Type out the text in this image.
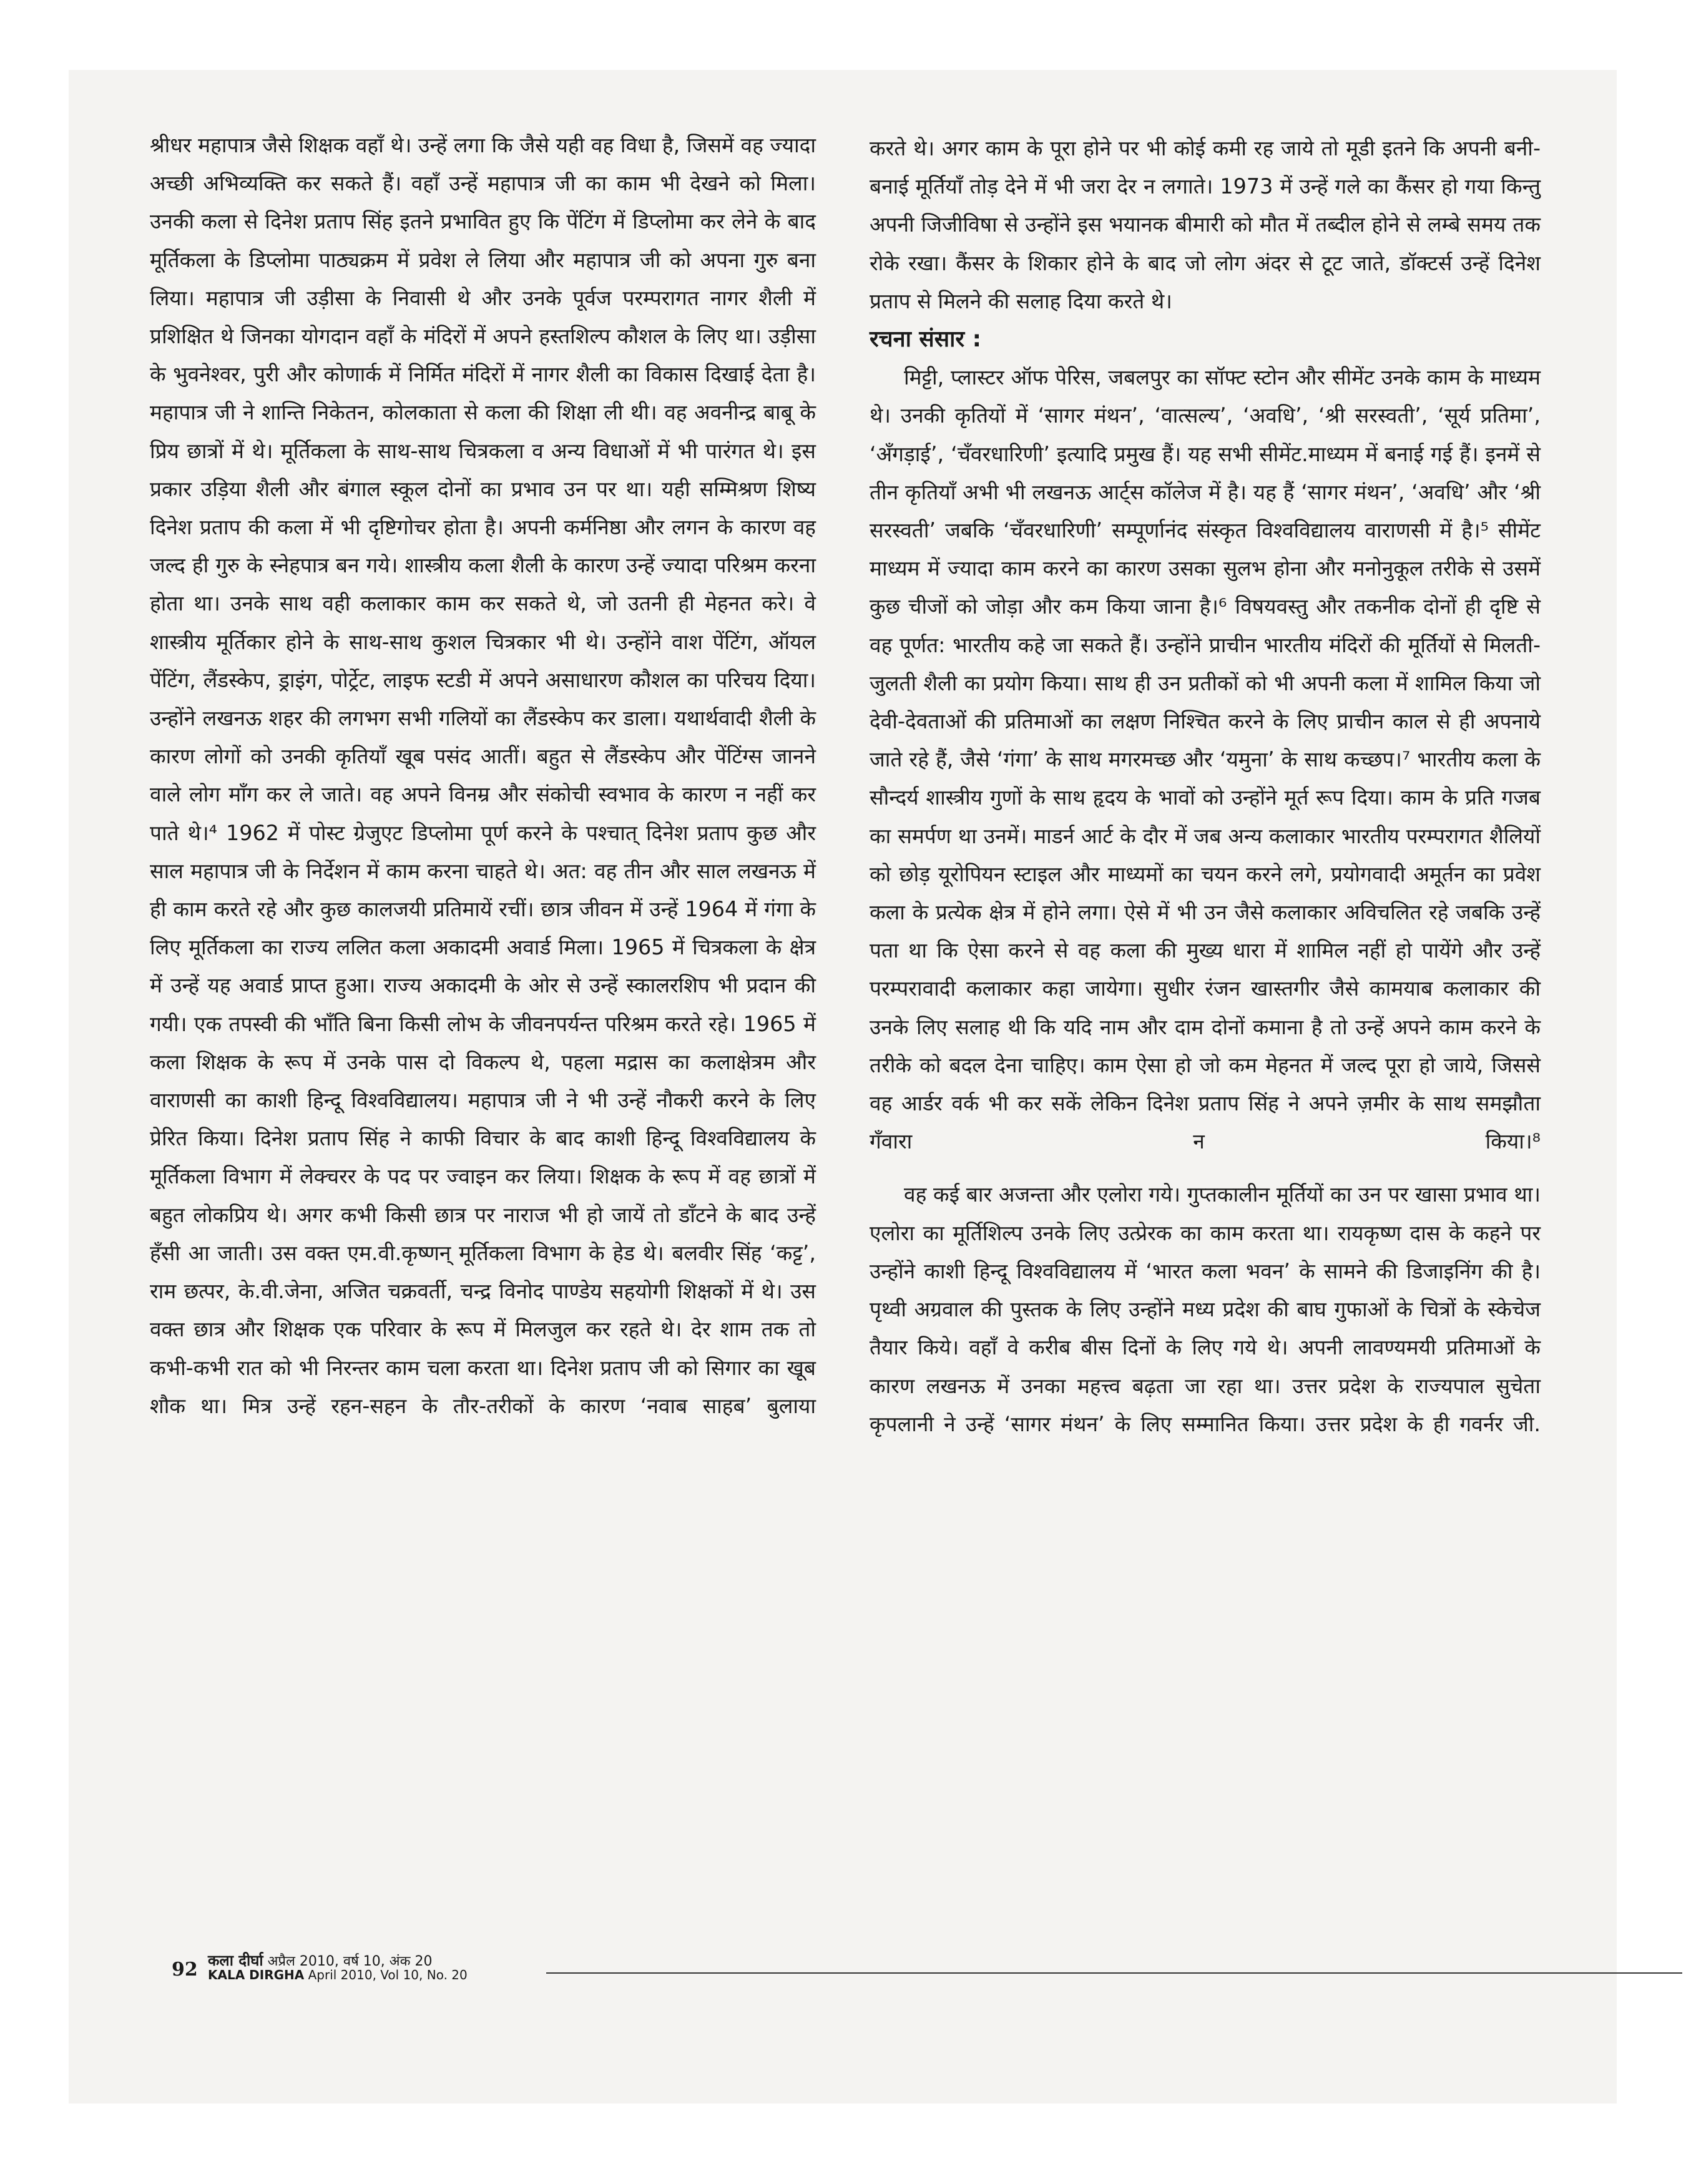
श्रीधर महापात्र जैसे शिक्षक वहाँ थे। उन्हें लगा कि जैसे यही वह विधा है, जिसमें वह ज्यादा अच्छी अभिव्यक्ति कर सकते हैं। वहाँ उन्हें महापात्र जी का काम भी देखने को मिला। उनकी कला से दिनेश प्रताप सिंह इतने प्रभावित हुए कि पेंटिंग में डिप्लोमा कर लेने के बाद मूर्तिकला के डिप्लोमा पाठ्यक्रम में प्रवेश ले लिया और महापात्र जी को अपना गुरु बना लिया। महापात्र जी उड़ीसा के निवासी थे और उनके पूर्वज परम्परागत नागर शैली में प्रशिक्षित थे जिनका योगदान वहाँ के मंदिरों में अपने हस्तशिल्प कौशल के लिए था। उड़ीसा के भुवनेश्वर, पुरी और कोणार्क में निर्मित मंदिरों में नागर शैली का विकास दिखाई देता है। महापात्र जी ने शान्ति निकेतन, कोलकाता से कला की शिक्षा ली थी। वह अवनीन्द्र बाबू के प्रिय छात्रों में थे। मूर्तिकला के साथ-साथ चित्रकला व अन्य विधाओं में भी पारंगत थे। इस प्रकार उड़िया शैली और बंगाल स्कूल दोनों का प्रभाव उन पर था। यही सम्मिश्रण शिष्य दिनेश प्रताप की कला में भी दृष्टिगोचर होता है। अपनी कर्मनिष्ठा और लगन के कारण वह जल्द ही गुरु के स्नेहपात्र बन गये। शास्त्रीय कला शैली के कारण उन्हें ज्यादा परिश्रम करना होता था। उनके साथ वही कलाकार काम कर सकते थे, जो उतनी ही मेहनत करे। वे शास्त्रीय मूर्तिकार होने के साथ-साथ कुशल चित्रकार भी थे। उन्होंने वाश पेंटिंग, ऑयल पेंटिंग, लैंडस्केप, ड्राइंग, पोर्ट्रेट, लाइफ स्टडी में अपने असाधारण कौशल का परिचय दिया। उन्होंने लखनऊ शहर की लगभग सभी गलियों का लैंडस्केप कर डाला। यथार्थवादी शैली के कारण लोगों को उनकी कृतियाँ खूब पसंद आतीं। बहुत से लैंडस्केप और पेंटिंग्स जानने वाले लोग माँग कर ले जाते। वह अपने विनम्र और संकोची स्वभाव के कारण न नहीं कर पाते थे।⁴ 1962 में पोस्ट ग्रेजुएट डिप्लोमा पूर्ण करने के पश्चात् दिनेश प्रताप कुछ और साल महापात्र जी के निर्देशन में काम करना चाहते थे। अत: वह तीन और साल लखनऊ में ही काम करते रहे और कुछ कालजयी प्रतिमायें रचीं। छात्र जीवन में उन्हें 1964 में गंगा के लिए मूर्तिकला का राज्य ललित कला अकादमी अवार्ड मिला। 1965 में चित्रकला के क्षेत्र में उन्हें यह अवार्ड प्राप्त हुआ। राज्य अकादमी के ओर से उन्हें स्कालरशिप भी प्रदान की गयी। एक तपस्वी की भाँति बिना किसी लोभ के जीवनपर्यन्त परिश्रम करते रहे। 1965 में कला शिक्षक के रूप में उनके पास दो विकल्प थे, पहला मद्रास का कलाक्षेत्रम और वाराणसी का काशी हिन्दू विश्वविद्यालय। महापात्र जी ने भी उन्हें नौकरी करने के लिए प्रेरित किया। दिनेश प्रताप सिंह ने काफी विचार के बाद काशी हिन्दू विश्वविद्यालय के मूर्तिकला विभाग में लेक्चरर के पद पर ज्वाइन कर लिया। शिक्षक के रूप में वह छात्रों में बहुत लोकप्रिय थे। अगर कभी किसी छात्र पर नाराज भी हो जायें तो डाँटने के बाद उन्हें हँसी आ जाती। उस वक्त एम.वी.कृष्णन् मूर्तिकला विभाग के हेड थे। बलवीर सिंह ‘कट्ट’, राम छत्पर, के.वी.जेना, अजित चक्रवर्ती, चन्द्र विनोद पाण्डेय सहयोगी शिक्षकों में थे। उस वक्त छात्र और शिक्षक एक परिवार के रूप में मिलजुल कर रहते थे। देर शाम तक तो कभी-कभी रात को भी निरन्तर काम चला करता था। दिनेश प्रताप जी को सिगार का खूब शौक था। मित्र उन्हें रहन-सहन के तौर-तरीकों के कारण ‘नवाब साहब’ बुलाया

करते थे। अगर काम के पूरा होने पर भी कोई कमी रह जाये तो मूडी इतने कि अपनी बनी-बनाई मूर्तियाँ तोड़ देने में भी जरा देर न लगाते। 1973 में उन्हें गले का कैंसर हो गया किन्तु अपनी जिजीविषा से उन्होंने इस भयानक बीमारी को मौत में तब्दील होने से लम्बे समय तक रोके रखा। कैंसर के शिकार होने के बाद जो लोग अंदर से टूट जाते, डॉक्टर्स उन्हें दिनेश प्रताप से मिलने की सलाह दिया करते थे।

रचना संसार :

मिट्टी, प्लास्टर ऑफ पेरिस, जबलपुर का सॉफ्ट स्टोन और सीमेंट उनके काम के माध्यम थे। उनकी कृतियों में ‘सागर मंथन’, ‘वात्सल्य’, ‘अवधि’, ‘श्री सरस्वती’, ‘सूर्य प्रतिमा’, ‘अँगड़ाई’, ‘चँवरधारिणी’ इत्यादि प्रमुख हैं। यह सभी सीमेंट.माध्यम में बनाई गई हैं। इनमें से तीन कृतियाँ अभी भी लखनऊ आर्ट्स कॉलेज में है। यह हैं ‘सागर मंथन’, ‘अवधि’ और ‘श्री सरस्वती’ जबकि ‘चँवरधारिणी’ सम्पूर्णानंद संस्कृत विश्वविद्यालय वाराणसी में है।⁵ सीमेंट माध्यम में ज्यादा काम करने का कारण उसका सुलभ होना और मनोनुकूल तरीके से उसमें कुछ चीजों को जोड़ा और कम किया जाना है।⁶ विषयवस्तु और तकनीक दोनों ही दृष्टि से वह पूर्णत: भारतीय कहे जा सकते हैं। उन्होंने प्राचीन भारतीय मंदिरों की मूर्तियों से मिलती-जुलती शैली का प्रयोग किया। साथ ही उन प्रतीकों को भी अपनी कला में शामिल किया जो देवी-देवताओं की प्रतिमाओं का लक्षण निश्चित करने के लिए प्राचीन काल से ही अपनाये जाते रहे हैं, जैसे ‘गंगा’ के साथ मगरमच्छ और ‘यमुना’ के साथ कच्छप।⁷ भारतीय कला के सौन्दर्य शास्त्रीय गुणों के साथ हृदय के भावों को उन्होंने मूर्त रूप दिया। काम के प्रति गजब का समर्पण था उनमें। माडर्न आर्ट के दौर में जब अन्य कलाकार भारतीय परम्परागत शैलियों को छोड़ यूरोपियन स्टाइल और माध्यमों का चयन करने लगे, प्रयोगवादी अमूर्तन का प्रवेश कला के प्रत्येक क्षेत्र में होने लगा। ऐसे में भी उन जैसे कलाकार अविचलित रहे जबकि उन्हें पता था कि ऐसा करने से वह कला की मुख्य धारा में शामिल नहीं हो पायेंगे और उन्हें परम्परावादी कलाकार कहा जायेगा। सुधीर रंजन खास्तगीर जैसे कामयाब कलाकार की उनके लिए सलाह थी कि यदि नाम और दाम दोनों कमाना है तो उन्हें अपने काम करने के तरीके को बदल देना चाहिए। काम ऐसा हो जो कम मेहनत में जल्द पूरा हो जाये, जिससे वह आर्डर वर्क भी कर सकें लेकिन दिनेश प्रताप सिंह ने अपने ज़मीर के साथ समझौता गँवारा न किया।⁸

वह कई बार अजन्ता और एलोरा गये। गुप्तकालीन मूर्तियों का उन पर खासा प्रभाव था। एलोरा का मूर्तिशिल्प उनके लिए उत्प्रेरक का काम करता था। रायकृष्ण दास के कहने पर उन्होंने काशी हिन्दू विश्वविद्यालय में ‘भारत कला भवन’ के सामने की डिजाइनिंग की है। पृथ्वी अग्रवाल की पुस्तक के लिए उन्होंने मध्य प्रदेश की बाघ गुफाओं के चित्रों के स्केचेज तैयार किये। वहाँ वे करीब बीस दिनों के लिए गये थे। अपनी लावण्यमयी प्रतिमाओं के कारण लखनऊ में उनका महत्त्व बढ़ता जा रहा था। उत्तर प्रदेश के राज्यपाल सुचेता कृपलानी ने उन्हें ‘सागर मंथन’ के लिए सम्मानित किया। उत्तर प्रदेश के ही गवर्नर जी.

92 कला दीर्घा अप्रैल 2010, वर्ष 10, अंक 20
KALA DIRGHA April 2010, Vol 10, No. 20
